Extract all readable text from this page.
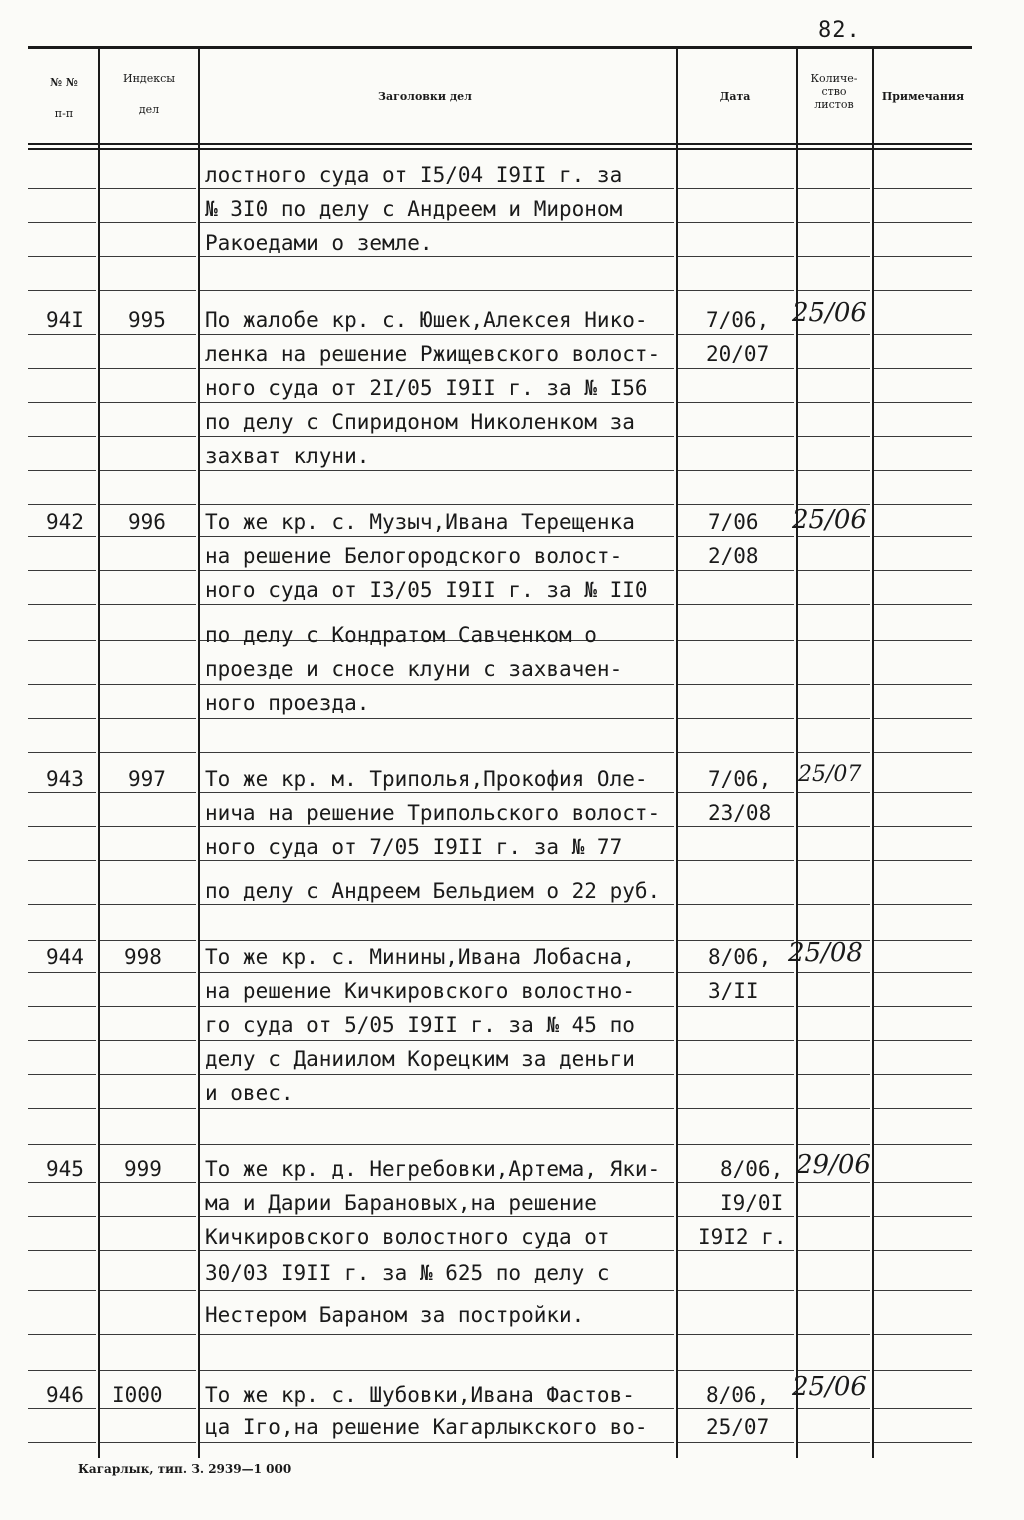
82.
№ №
п-п
Индексы
дел
Заголовки дел	Дата
Количе-
ство
листов
Примечания
лостного суда от I5/04 I9II г. за
№ 3I0 по делу с Андреем и Мироном
Ракоедами о земле.
94I 995 По жалобе кр. с. Юшек,Алексея Нико-
ленка на решение Ржищевского волост-
ного суда от 2I/05 I9II г. за № I56
по делу с Спиридоном Николенком за
захват клуни.
7/06,
20/07
25/06
942 996 То же кр. с. Музыч,Ивана Терещенка
на решение Белогородского волост-
ного суда от I3/05 I9II г. за № II0
по делу с Кондратом Савченком о
проезде и сносе клуни с захвачен-
ного проезда.
7/06
2/08
25/06
943 997 То же кр. м. Триполья,Прокофия Оле-
нича на решение Трипольского волост-
ного суда от 7/05 I9II г. за № 77
по делу с Андреем Бельдием о 22 руб.
7/06,
23/08
25/07
944 998 То же кр. с. Минины,Ивана Лобасна,
на решение Кичкировского волостно-
го суда от 5/05 I9II г. за № 45 по
делу с Даниилом Корецким за деньги
и овес.
8/06,
3/II
25/08
945 999 То же кр. д. Негребовки,Артема, Яки-
ма и Дарии Барановых,на решение
Кичкировского волостного суда от
30/03 I9II г. за № 625 по делу с
Нестером Бараном за постройки.
8/06,
I9/0I
I9I2 г.
29/06
946 I000 То же кр. с. Шубовки,Ивана Фастов-
ца Iго,на решение Кагарлыкского во-
8/06,
25/07
25/06
Кагарлык, тип. З. 2939—1 000
